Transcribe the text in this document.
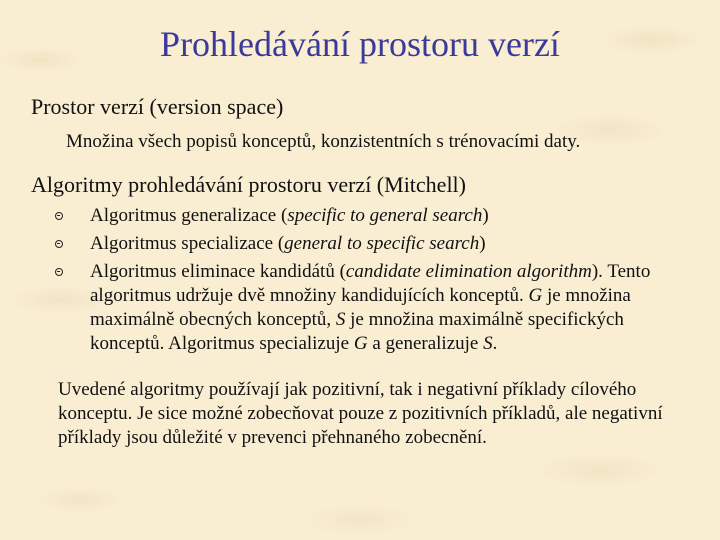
Prohledávání prostoru verzí
Prostor verzí (version space)
Množina všech popisů konceptů, konzistentních s trénovacími daty.
Algoritmy prohledávání prostoru verzí (Mitchell)
Algoritmus generalizace (specific to general search)
Algoritmus specializace (general to specific search)
Algoritmus eliminace kandidátů (candidate elimination algorithm). Tento algoritmus udržuje dvě množiny kandidujících konceptů. G je množina maximálně obecných konceptů, S je množina maximálně specifických konceptů. Algoritmus specializuje G a generalizuje S.

Uvedené algoritmy používají jak pozitivní, tak i negativní příklady cílového konceptu. Je sice možné zobecňovat pouze z pozitivních příkladů, ale negativní příklady jsou důležité v prevenci přehnaného zobecnění.
